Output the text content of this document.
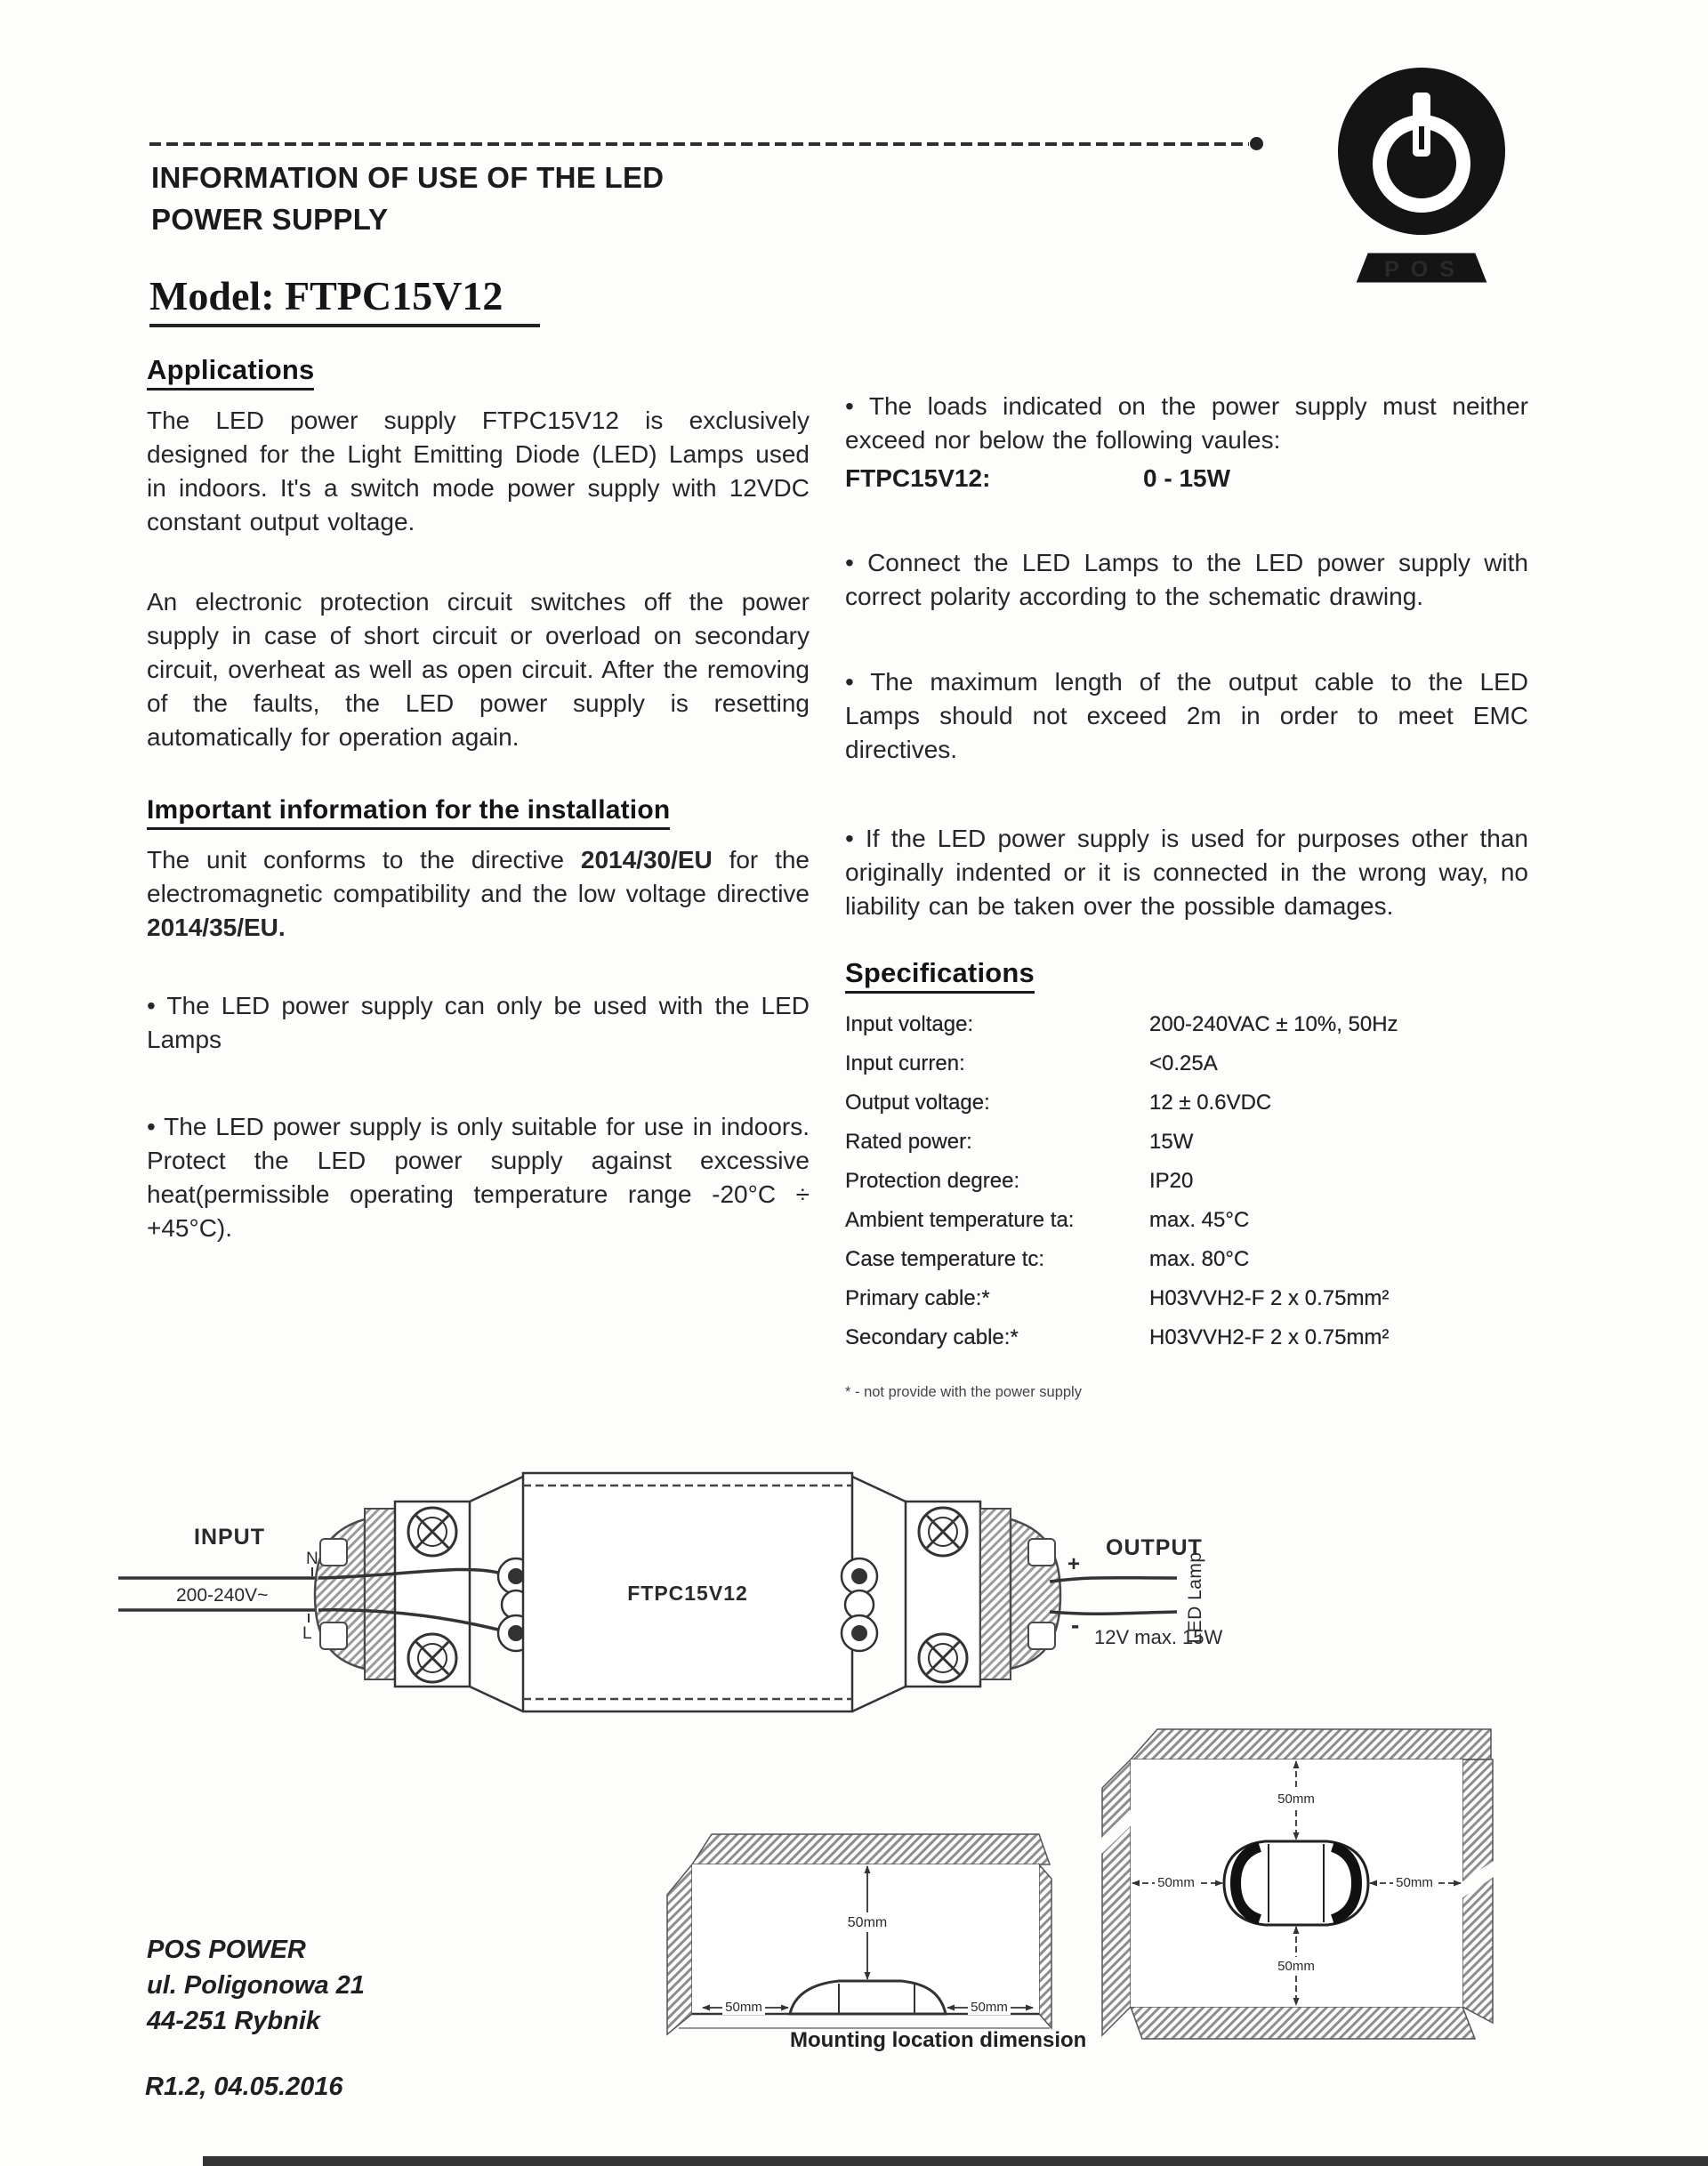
INFORMATION OF USE OF THE LED
POWER SUPPLY
POS
Model: FTPC15V12
Applications

The LED power supply FTPC15V12 is exclusively designed for the Light Emitting Diode (LED) Lamps used in indoors. It's a switch mode power supply with 12VDC constant output voltage.

An electronic protection circuit switches off the power supply in case of short circuit or overload on secondary circuit, overheat as well as open circuit. After the removing of the faults, the LED power supply is resetting automatically for operation again.

Important information for the installation

The unit conforms to the directive 2014/30/EU for the electromagnetic compatibility and the low voltage directive 2014/35/EU.

• The LED power supply can only be used with the LED Lamps

• The LED power supply is only suitable for use in indoors. Protect the LED power supply against excessive heat(permissible operating temperature range -20°C ÷ +45°C).

• The loads indicated on the power supply must neither exceed nor below the following vaules:

FTPC15V12:	0 - 15W

• Connect the LED Lamps to the LED power supply with correct polarity according to the schematic drawing.

• The maximum length of the output cable to the LED Lamps should not exceed 2m in order to meet EMC directives.

• If the LED power supply is used for purposes other than originally indented or it is connected in the wrong way, no liability can be taken over the possible damages.

Specifications
Input voltage:	200-240VAC ± 10%, 50Hz
Input curren:	<0.25A
Output voltage:	12 ± 0.6VDC
Rated power:	15W
Protection degree:	IP20
Ambient temperature ta:	max. 45°C
Case temperature tc:	max. 80°C
Primary cable:*	H03VVH2-F 2 x 0.75mm²
Secondary cable:*	H03VVH2-F 2 x 0.75mm²
* - not provide with the power supply
INPUT
200-240V~
N
L
FTPC15V12
+
-
OUTPUT
12V max. 15W
LED Lamp
50mm
50mm	50mm
50mm
50mm
50mm	50mm
Mounting location dimension
POS POWER
ul. Poligonowa 21
44-251 Rybnik
R1.2, 04.05.2016
